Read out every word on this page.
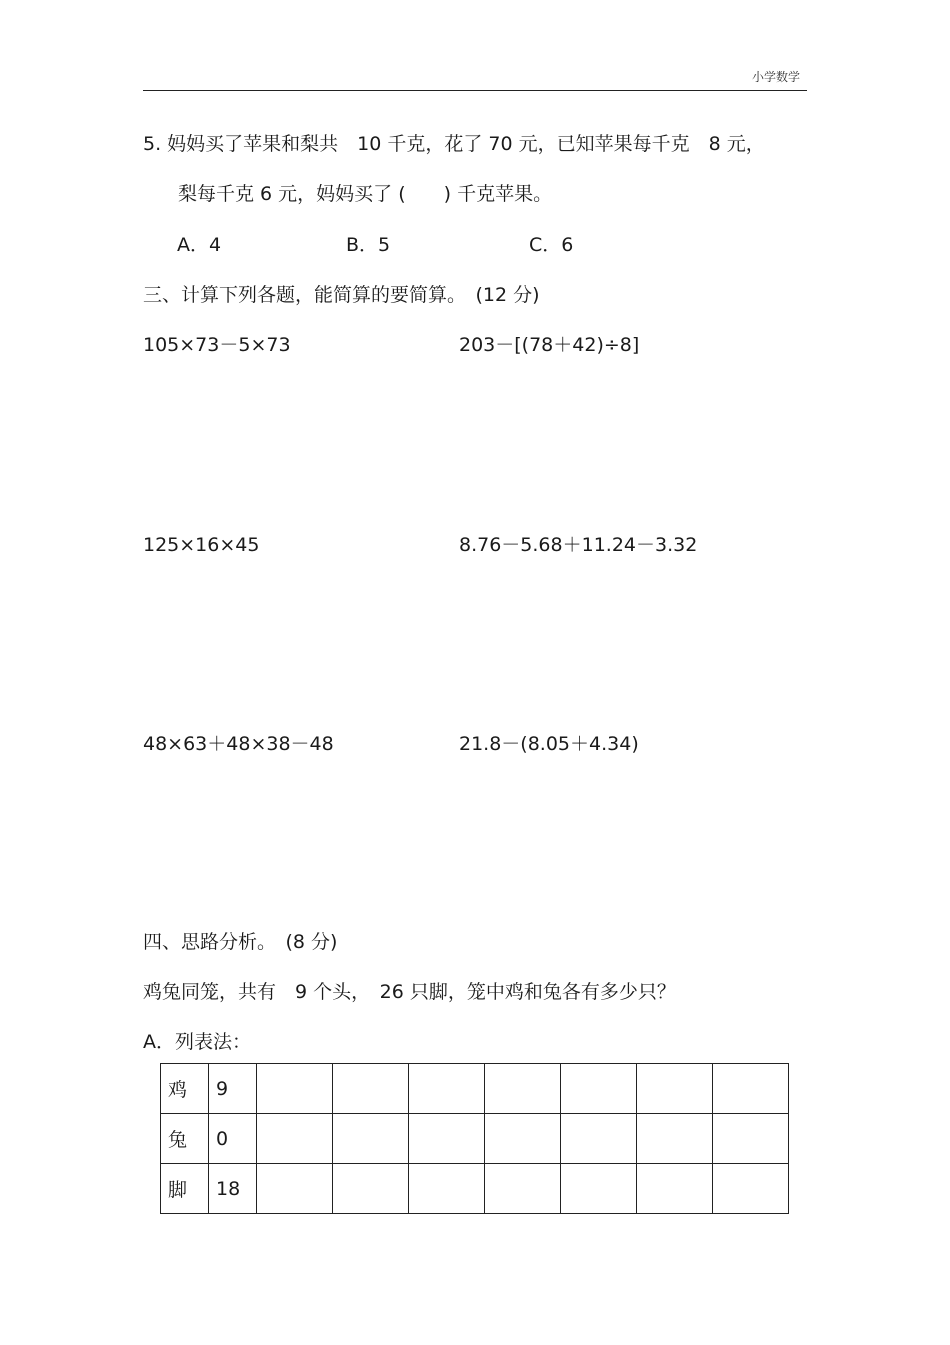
小学数学
5. 妈妈买了苹果和梨共　10 千克，花了 70 元，已知苹果每千克　8 元，
梨每千克 6 元，妈妈买了 (　　) 千克苹果。
A．4	B．5	C．6
三、计算下列各题，能简算的要简算。　(12 分)
105×73－5×73	203－[(78＋42)÷8]
125×16×45	8.76－5.68＋11.24－3.32
48×63＋48×38－48	21.8－(8.05＋4.34)
四、思路分析。　(8 分)
鸡兔同笼，共有　9 个头，　26 只脚，笼中鸡和兔各有多少只？
A．列表法：
鸡	9							
兔	0							
脚	18							
